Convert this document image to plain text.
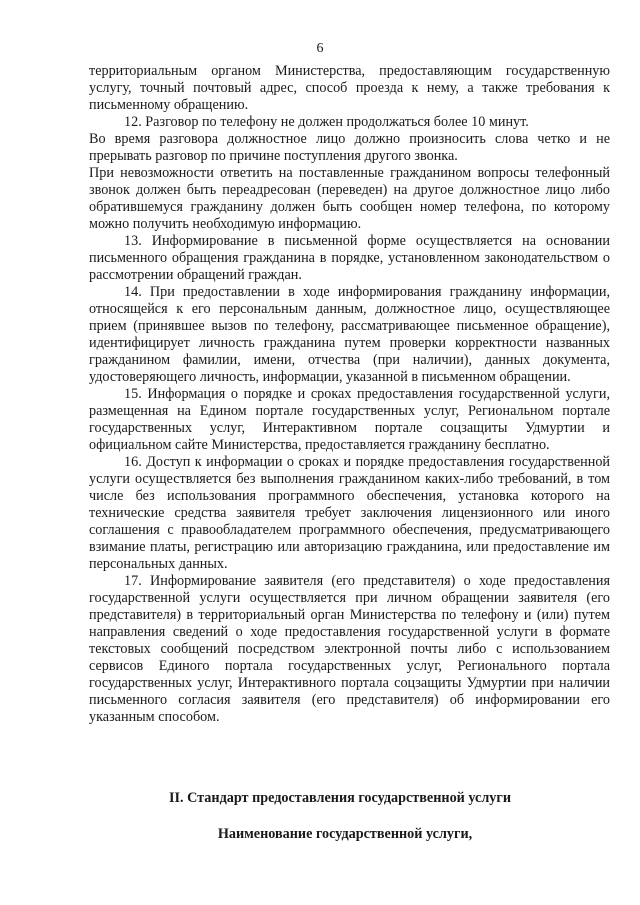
6

территориальным органом Министерства, предоставляющим государственную услугу, точный почтовый адрес, способ проезда к нему, а также требования к письменному обращению.

12. Разговор по телефону не должен продолжаться более 10 минут.

Во время разговора должностное лицо должно произносить слова четко и не прерывать разговор по причине поступления другого звонка.

При невозможности ответить на поставленные гражданином вопросы телефонный звонок должен быть переадресован (переведен) на другое должностное лицо либо обратившемуся гражданину должен быть сообщен номер телефона, по которому можно получить необходимую информацию.

13. Информирование в письменной форме осуществляется на основании письменного обращения гражданина в порядке, установленном законодательством о рассмотрении обращений граждан.

14. При предоставлении в ходе информирования гражданину информации, относящейся к его персональным данным, должностное лицо, осуществляющее прием (принявшее вызов по телефону, рассматривающее письменное обращение), идентифицирует личность гражданина путем проверки корректности названных гражданином фамилии, имени, отчества (при наличии), данных документа, удостоверяющего личность, информации, указанной в письменном обращении.

15. Информация о порядке и сроках предоставления государственной услуги, размещенная на Едином портале государственных услуг, Региональном портале государственных услуг, Интерактивном портале соцзащиты Удмуртии и официальном сайте Министерства, предоставляется гражданину бесплатно.

16. Доступ к информации о сроках и порядке предоставления государственной услуги осуществляется без выполнения гражданином каких-либо требований, в том числе без использования программного обеспечения, установка которого на технические средства заявителя требует заключения лицензионного или иного соглашения с правообладателем программного обеспечения, предусматривающего взимание платы, регистрацию или авторизацию гражданина, или предоставление им персональных данных.

17. Информирование заявителя (его представителя) о ходе предоставления государственной услуги осуществляется при личном обращении заявителя (его представителя) в территориальный орган Министерства по телефону и (или) путем направления сведений о ходе предоставления государственной услуги в формате текстовых сообщений посредством электронной почты либо с использованием сервисов Единого портала государственных услуг, Регионального портала государственных услуг, Интерактивного портала соцзащиты Удмуртии при наличии письменного согласия заявителя (его представителя) об информировании его указанным способом.

II. Стандарт предоставления государственной услуги
Наименование государственной услуги,
